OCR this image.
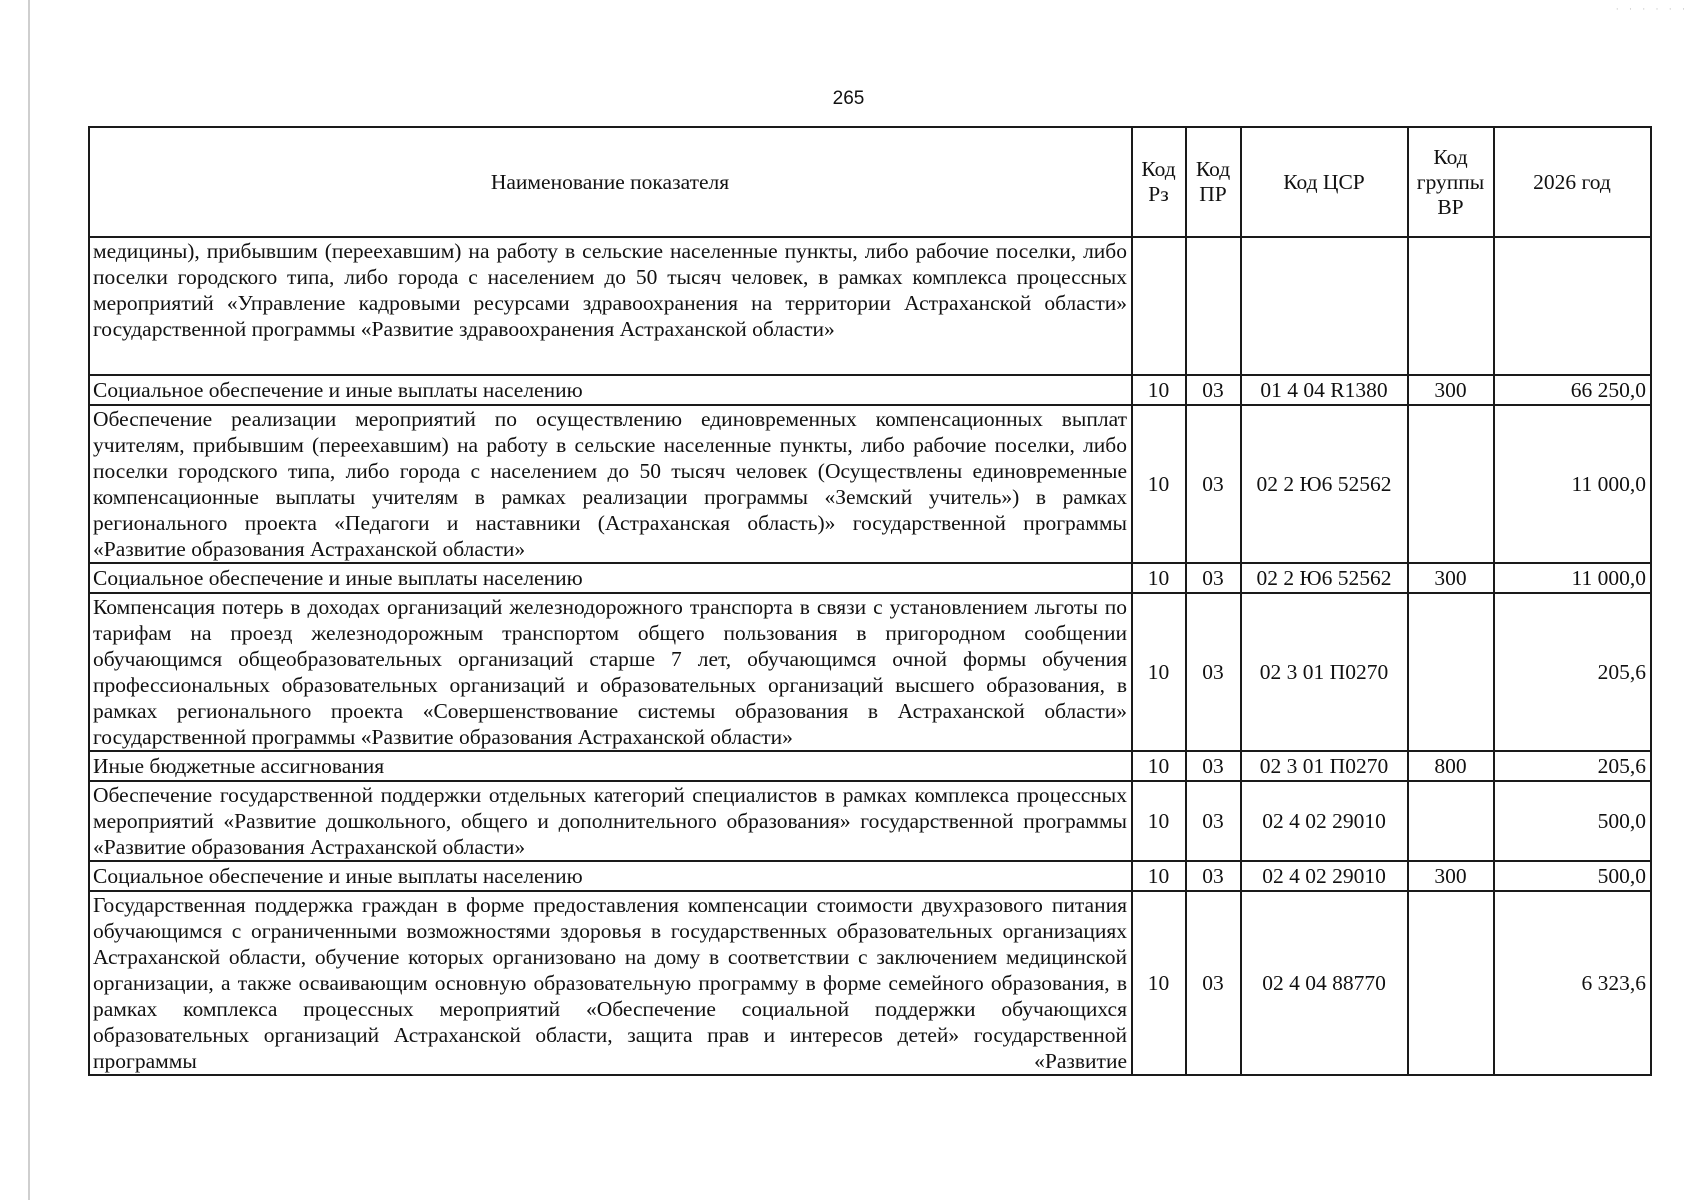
· · · · · ·
265
Наименование показателя	Код Рз	Код ПР	Код ЦСР	Код группы ВР	2026 год
медицины), прибывшим (переехавшим) на работу в сельские населенные пункты, либо рабочие поселки, либо поселки городского типа, либо города с населением до 50 тысяч человек, в рамках комплекса процессных мероприятий «Управление кадровыми ресурсами здравоохранения на территории Астраханской области» государственной программы «Развитие здравоохранения Астраханской области»					
Социальное обеспечение и иные выплаты населению	10	03	01 4 04 R1380	300	66 250,0
Обеспечение реализации мероприятий по осуществлению единовременных компенсационных выплат учителям, прибывшим (переехавшим) на работу в сельские населенные пункты, либо рабочие поселки, либо поселки городского типа, либо города с населением до 50 тысяч человек (Осуществлены единовременные компенсационные выплаты учителям в рамках реализации программы «Земский учитель») в рамках регионального проекта «Педагоги и наставники (Астраханская область)» государственной программы «Развитие образования Астраханской области»	10	03	02 2 Ю6 52562		11 000,0
Социальное обеспечение и иные выплаты населению	10	03	02 2 Ю6 52562	300	11 000,0
Компенсация потерь в доходах организаций железнодорожного транспорта в связи с установлением льготы по тарифам на проезд железнодорожным транспортом общего пользования в пригородном сообщении обучающимся общеобразовательных организаций старше 7 лет, обучающимся очной формы обучения профессиональных образовательных организаций и образовательных организаций высшего образования, в рамках регионального проекта «Совершенствование системы образования в Астраханской области» государственной программы «Развитие образования Астраханской области»	10	03	02 3 01 П0270		205,6
Иные бюджетные ассигнования	10	03	02 3 01 П0270	800	205,6
Обеспечение государственной поддержки отдельных категорий специалистов в рамках комплекса процессных мероприятий «Развитие дошкольного, общего и дополнительного образования» государственной программы «Развитие образования Астраханской области»	10	03	02 4 02 29010		500,0
Социальное обеспечение и иные выплаты населению	10	03	02 4 02 29010	300	500,0
Государственная поддержка граждан в форме предоставления компенсации стоимости двухразового питания обучающимся с ограниченными возможностями здоровья в государственных образовательных организациях Астраханской области, обучение которых организовано на дому в соответствии с заключением медицинской организации, а также осваивающим основную образовательную программу в форме семейного образования, в рамках комплекса процессных мероприятий «Обеспечение социальной поддержки обучающихся образовательных организаций Астраханской области, защита прав и интересов детей» государственной программы «Развитие	10	03	02 4 04 88770		6 323,6
